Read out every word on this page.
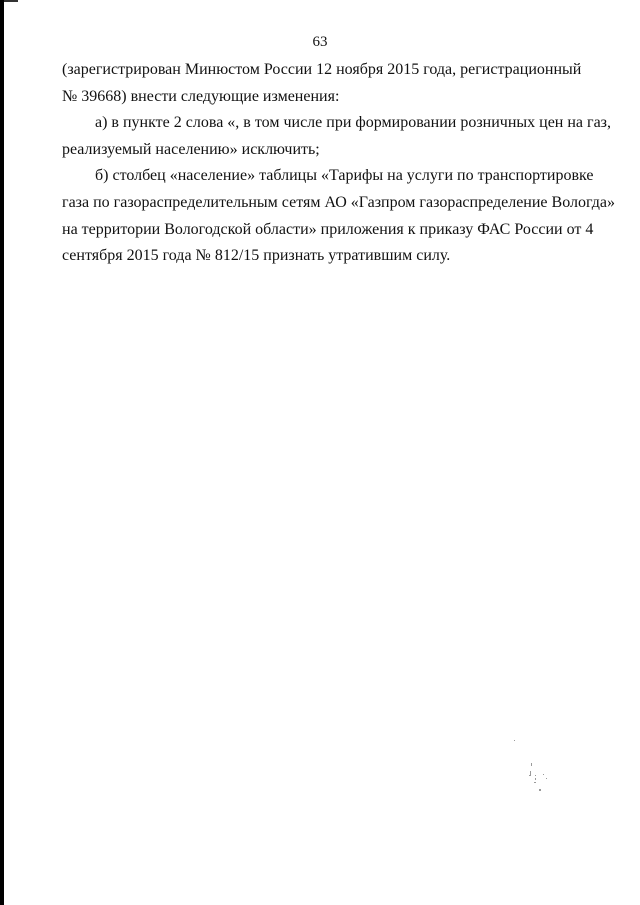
63

(зарегистрирован Минюстом России 12 ноября 2015 года, регистрационный
№ 39668) внести следующие изменения:

а) в пункте 2 слова «, в том числе при формировании розничных цен на газ,
реализуемый населению» исключить;

б) столбец «население» таблицы «Тарифы на услуги по транспортировке
газа по газораспределительным сетям АО «Газпром газораспределение Вологда»
на территории Вологодской области» приложения к приказу ФАС России от 4
сентября 2015 года № 812/15 признать утратившим силу.
